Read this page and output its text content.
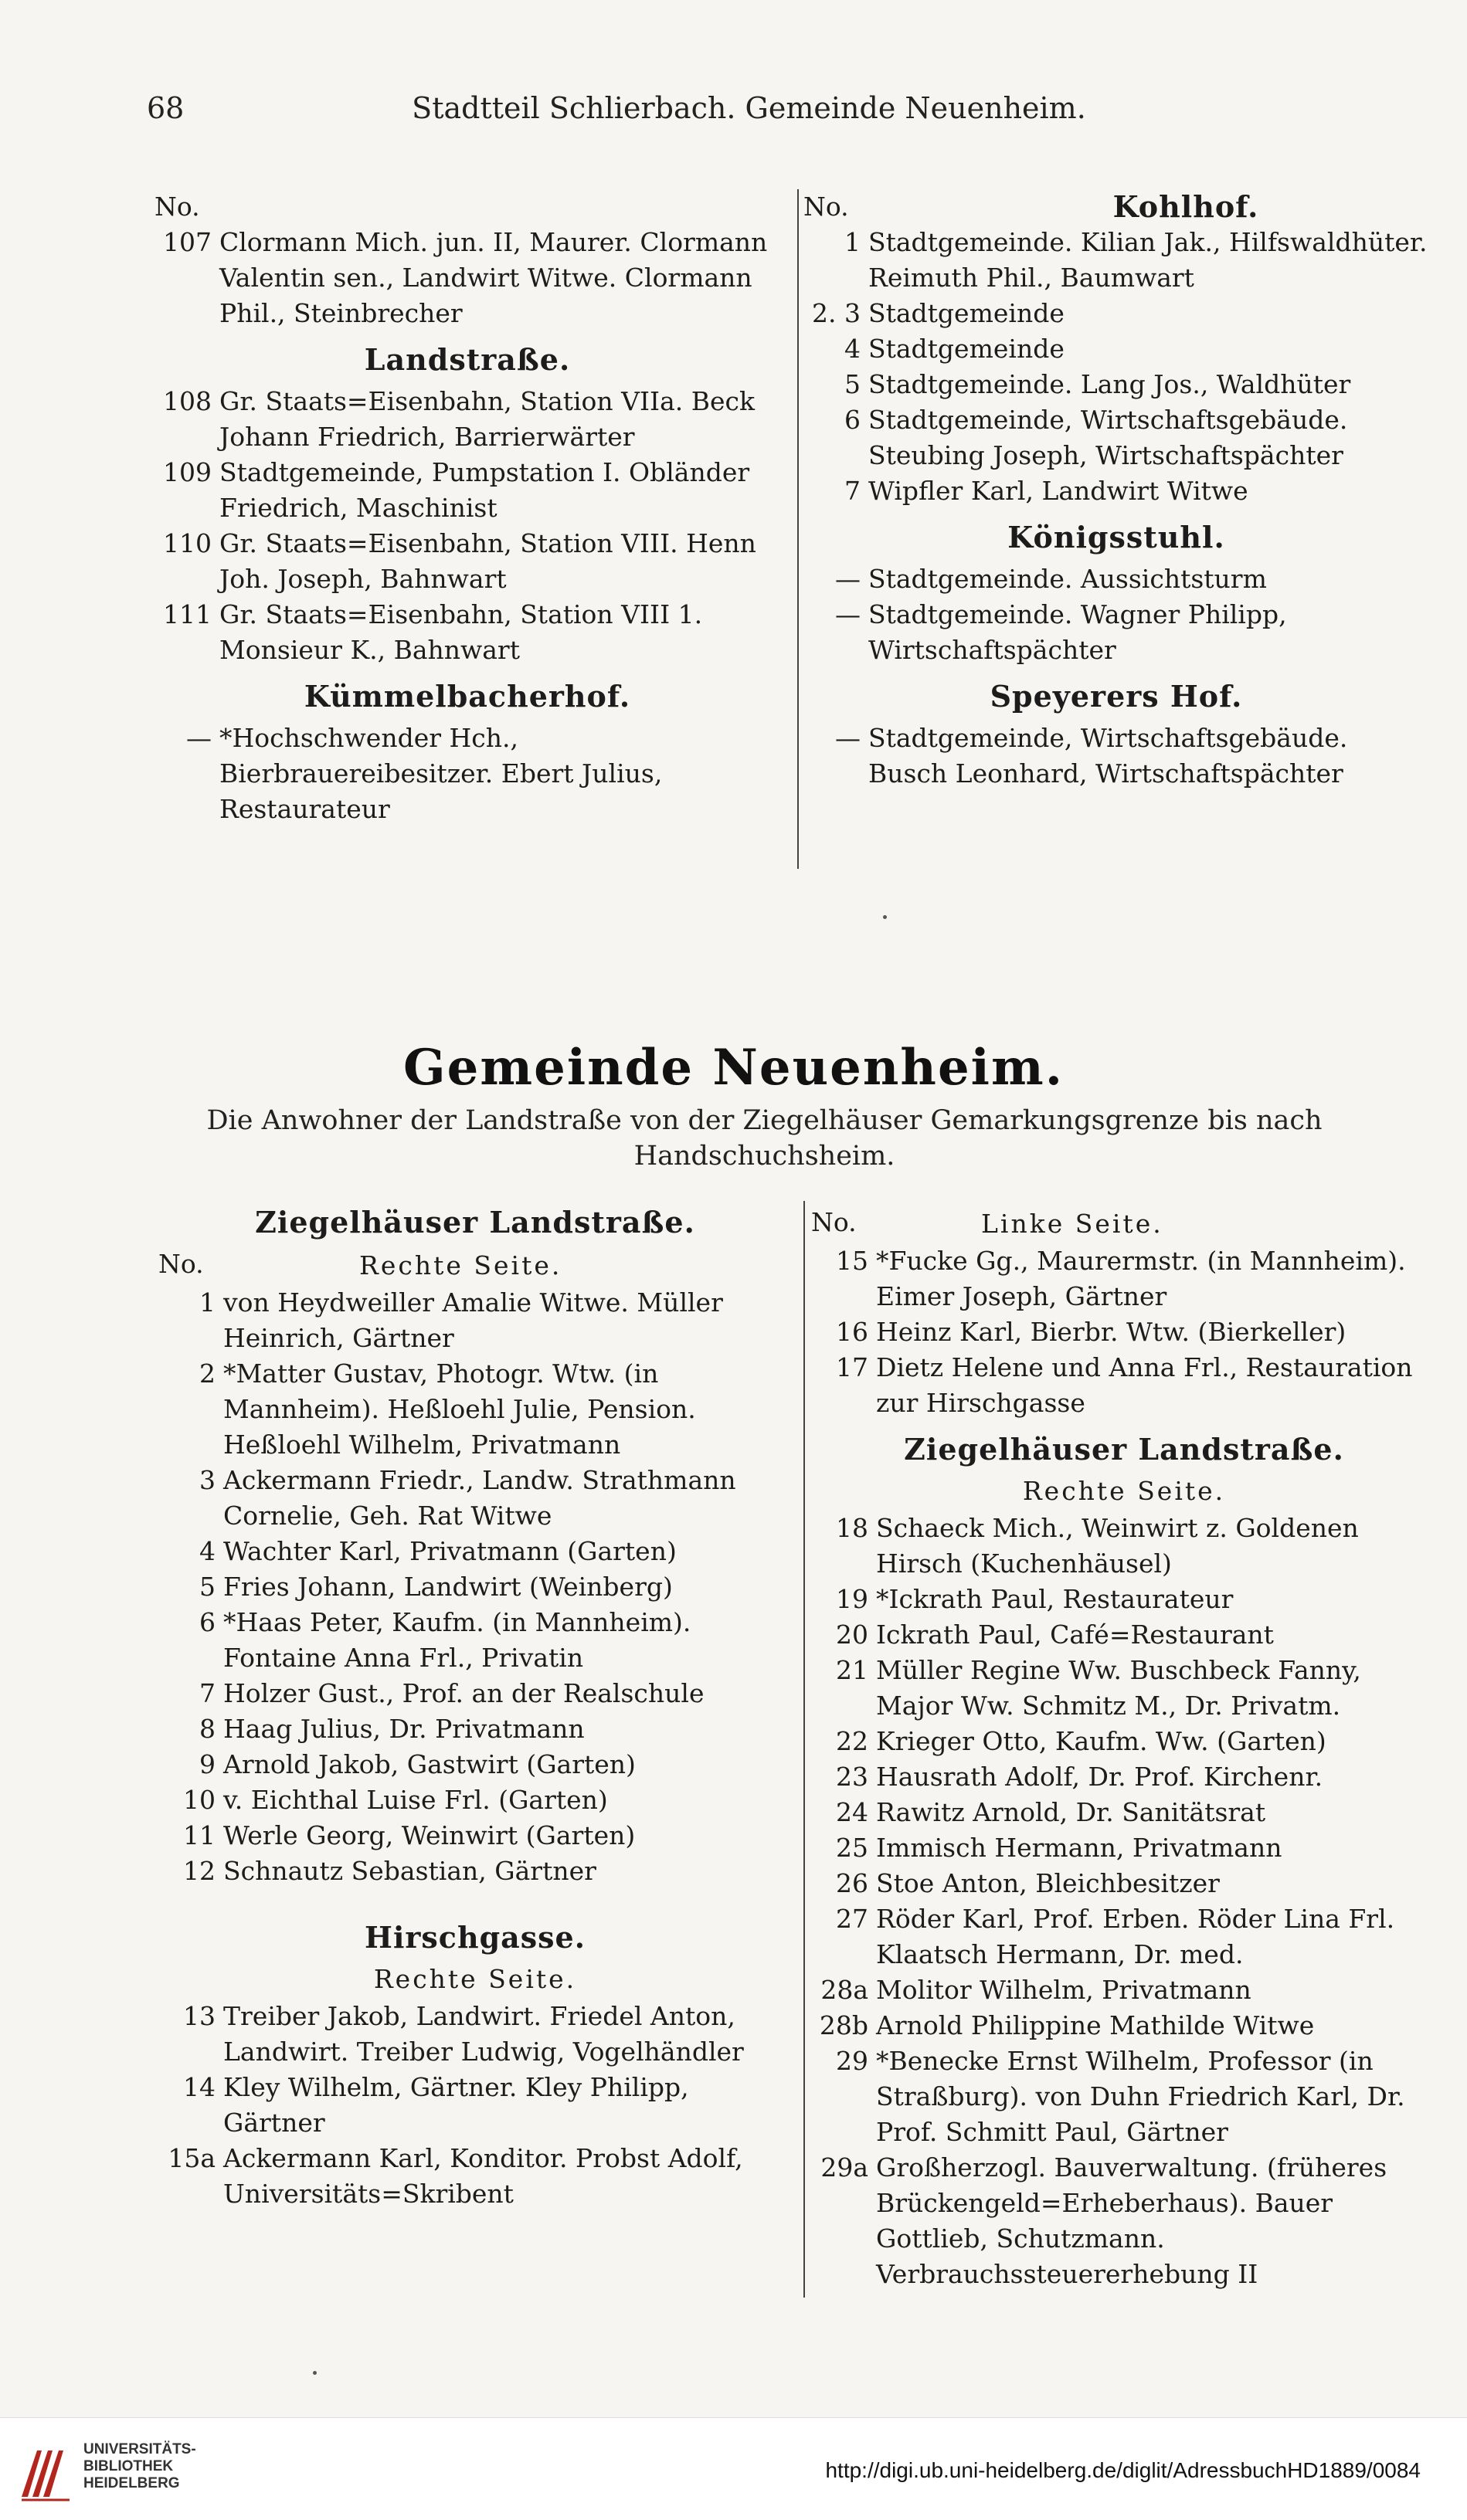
68	Stadtteil Schlierbach. Gemeinde Neuenheim.
No.
107 Clormann Mich. jun. II, Maurer. Clormann Valentin sen., Landwirt Witwe. Clormann Phil., Steinbrecher
Landstraße.
108 Gr. Staats=Eisenbahn, Station VIIa. Beck Johann Friedrich, Barrierwärter
109 Stadtgemeinde, Pumpstation I. Obländer Friedrich, Maschinist
110 Gr. Staats=Eisenbahn, Station VIII. Henn Joh. Joseph, Bahnwart
111 Gr. Staats=Eisenbahn, Station VIII 1. Monsieur K., Bahnwart
Kümmelbacherhof.
— *Hochschwender Hch., Bierbrauereibesitzer. Ebert Julius, Restaurateur
No.	Kohlhof.
1 Stadtgemeinde. Kilian Jak., Hilfswaldhüter. Reimuth Phil., Baumwart
2. 3 Stadtgemeinde
4 Stadtgemeinde
5 Stadtgemeinde. Lang Jos., Waldhüter
6 Stadtgemeinde, Wirtschaftsgebäude. Steubing Joseph, Wirtschaftspächter
7 Wipfler Karl, Landwirt Witwe
Königsstuhl.
— Stadtgemeinde. Aussichtsturm
— Stadtgemeinde. Wagner Philipp, Wirtschaftspächter
Speyerers Hof.
— Stadtgemeinde, Wirtschaftsgebäude. Busch Leonhard, Wirtschaftspächter
Gemeinde Neuenheim.
Die Anwohner der Landstraße von der Ziegelhäuser Gemarkungsgrenze bis nach Handschuchsheim.
Ziegelhäuser Landstraße.
No.	Rechte Seite.
1 von Heydweiller Amalie Witwe. Müller Heinrich, Gärtner
2 *Matter Gustav, Photogr. Wtw. (in Mannheim). Heßloehl Julie, Pension. Heßloehl Wilhelm, Privatmann
3 Ackermann Friedr., Landw. Strathmann Cornelie, Geh. Rat Witwe
4 Wachter Karl, Privatmann (Garten)
5 Fries Johann, Landwirt (Weinberg)
6 *Haas Peter, Kaufm. (in Mannheim). Fontaine Anna Frl., Privatin
7 Holzer Gust., Prof. an der Realschule
8 Haag Julius, Dr. Privatmann
9 Arnold Jakob, Gastwirt (Garten)
10 v. Eichthal Luise Frl. (Garten)
11 Werle Georg, Weinwirt (Garten)
12 Schnautz Sebastian, Gärtner
Hirschgasse.
Rechte Seite.
13 Treiber Jakob, Landwirt. Friedel Anton, Landwirt. Treiber Ludwig, Vogelhändler
14 Kley Wilhelm, Gärtner. Kley Philipp, Gärtner
15a Ackermann Karl, Konditor. Probst Adolf, Universitäts=Skribent
No.	Linke Seite.
15 *Fucke Gg., Maurermstr. (in Mannheim). Eimer Joseph, Gärtner
16 Heinz Karl, Bierbr. Wtw. (Bierkeller)
17 Dietz Helene und Anna Frl., Restauration zur Hirschgasse
Ziegelhäuser Landstraße.
Rechte Seite.
18 Schaeck Mich., Weinwirt z. Goldenen Hirsch (Kuchenhäusel)
19 *Ickrath Paul, Restaurateur
20 Ickrath Paul, Café=Restaurant
21 Müller Regine Ww. Buschbeck Fanny, Major Ww. Schmitz M., Dr. Privatm.
22 Krieger Otto, Kaufm. Ww. (Garten)
23 Hausrath Adolf, Dr. Prof. Kirchenr.
24 Rawitz Arnold, Dr. Sanitätsrat
25 Immisch Hermann, Privatmann
26 Stoe Anton, Bleichbesitzer
27 Röder Karl, Prof. Erben. Röder Lina Frl. Klaatsch Hermann, Dr. med.
28a Molitor Wilhelm, Privatmann
28b Arnold Philippine Mathilde Witwe
29 *Benecke Ernst Wilhelm, Professor (in Straßburg). von Duhn Friedrich Karl, Dr. Prof. Schmitt Paul, Gärtner
29a Großherzogl. Bauverwaltung. (früheres Brückengeld=Erheberhaus). Bauer Gottlieb, Schutzmann. Verbrauchssteuererhebung II
UNIVERSITÄTS-
BIBLIOTHEK
HEIDELBERG
http://digi.ub.uni-heidelberg.de/diglit/AdressbuchHD1889/0084
